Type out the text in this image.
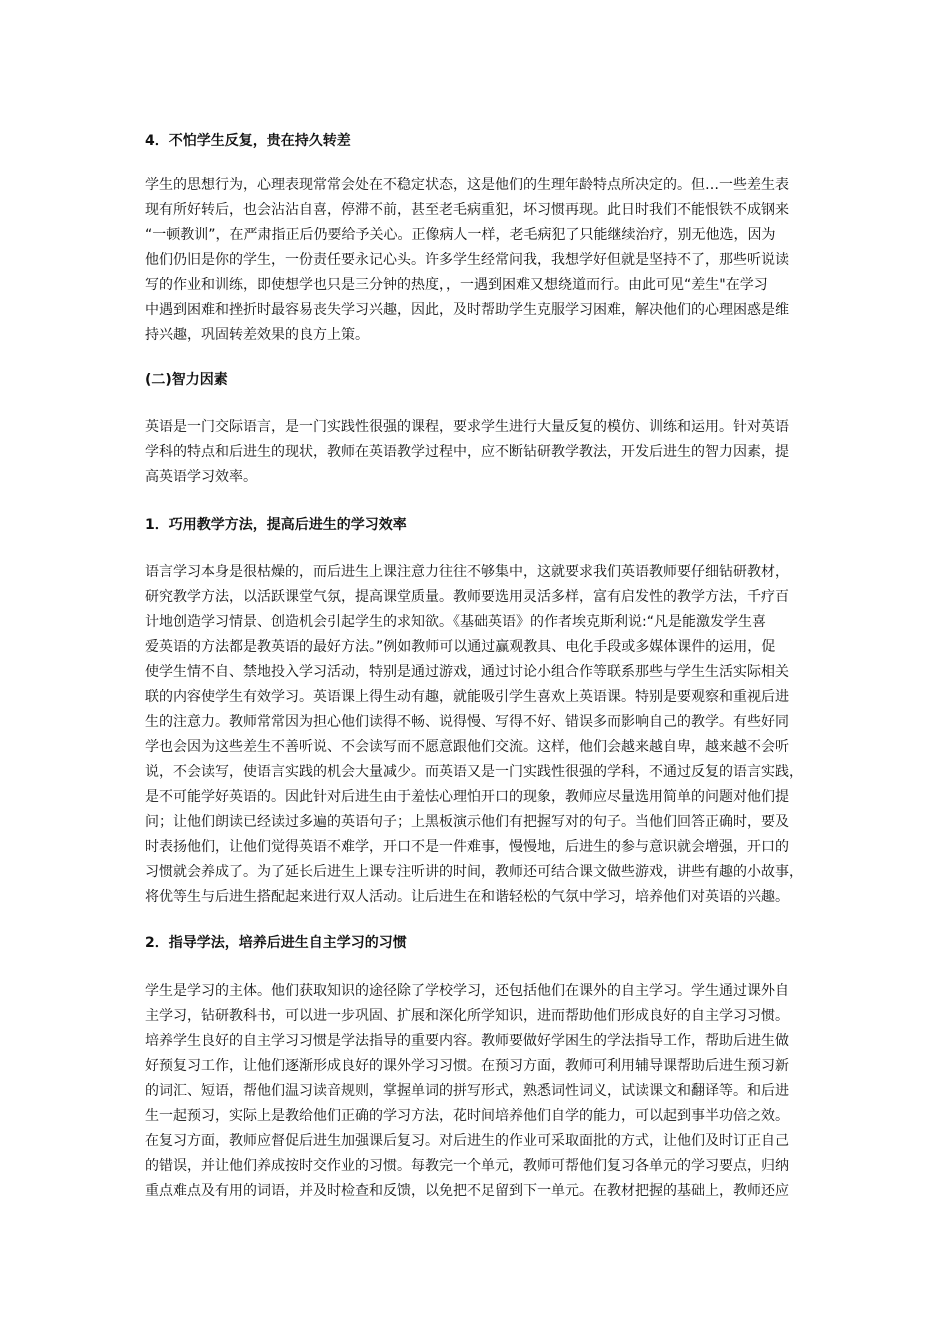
4．不怕学生反复，贵在持久转差
学生的思想行为，心理表现常常会处在不稳定状态，这是他们的生理年龄特点所决定的。但…一些差生表
现有所好转后，也会沾沾自喜，停滞不前，甚至老毛病重犯，坏习惯再现。此日时我们不能恨铁不成钢来
“一顿教训”，在严肃指正后仍要给予关心。正像病人一样，老毛病犯了只能继续治疗，别无他选，因为
他们仍旧是你的学生，一份责任要永记心头。许多学生经常问我，我想学好但就是坚持不了，那些听说读
写的作业和训练，即使想学也只是三分钟的热度，，一遇到困难又想绕道而行。由此可见“差生"在学习
中遇到困难和挫折时最容易丧失学习兴趣，因此，及时帮助学生克服学习困难，解决他们的心理困惑是维
持兴趣，巩固转差效果的良方上策。
(二)智力因素
英语是一门交际语言，是一门实践性很强的课程，要求学生进行大量反复的模仿、训练和运用。针对英语
学科的特点和后进生的现状，教师在英语教学过程中，应不断钻研教学教法，开发后进生的智力因素，提
高英语学习效率。
1．巧用教学方法，提高后进生的学习效率
语言学习本身是很枯燥的，而后进生上课注意力往往不够集中，这就要求我们英语教师要仔细钻研教材，
研究教学方法，以活跃课堂气氛，提高课堂质量。教师要选用灵活多样，富有启发性的教学方法，千疗百
计地创造学习情景、创造机会引起学生的求知欲。《基础英语》的作者埃克斯利说:“凡是能激发学生喜
爱英语的方法都是教英语的最好方法。”例如教师可以通过赢观教具、电化手段或多媒体课件的运用，促
使学生情不自、禁地投入学习活动，特别是通过游戏，通过讨论小组合作等联系那些与学生生活实际相关
联的内容使学生有效学习。英语课上得生动有趣，就能吸引学生喜欢上英语课。特别是要观察和重视后进
生的注意力。教师常常因为担心他们读得不畅、说得慢、写得不好、错误多而影响自己的教学。有些好同
学也会因为这些差生不善听说、不会读写而不愿意跟他们交流。这样，他们会越来越自卑，越来越不会听
说，不会读写，使语言实践的机会大量减少。而英语又是一门实践性很强的学科，不通过反复的语言实践，
是不可能学好英语的。因此针对后进生由于羞怯心理怕开口的现象，教师应尽量选用简单的问题对他们提
问；让他们朗读已经读过多遍的英语句子；上黑板演示他们有把握写对的句子。当他们回答正确时，要及
时表扬他们，让他们觉得英语不难学，开口不是一件难事，慢慢地，后进生的参与意识就会增强，开口的
习惯就会养成了。为了延长后进生上课专注听讲的时间，教师还可结合课文做些游戏，讲些有趣的小故事，
将优等生与后进生搭配起来进行双人活动。让后进生在和谐轻松的气氛中学习，培养他们对英语的兴趣。
2．指导学法，培养后进生自主学习的习惯
学生是学习的主体。他们获取知识的途径除了学校学习，还包括他们在课外的自主学习。学生通过课外自
主学习，钻研教科书，可以进一步巩固、扩展和深化所学知识，进而帮助他们形成良好的自主学习习惯。
培养学生良好的自主学习习惯是学法指导的重要内容。教师要做好学困生的学法指导工作，帮助后进生做
好预复习工作，让他们逐渐形成良好的课外学习习惯。在预习方面，教师可利用辅导课帮助后进生预习新
的词汇、短语，帮他们温习读音规则，掌握单词的拼写形式，熟悉词性词义，试读课文和翻译等。和后进
生一起预习，实际上是教给他们正确的学习方法，花时间培养他们自学的能力，可以起到事半功倍之效。
在复习方面，教师应督促后进生加强课后复习。对后进生的作业可采取面批的方式，让他们及时订正自己
的错误，并让他们养成按时交作业的习惯。每教完一个单元，教师可帮他们复习各单元的学习要点，归纳
重点难点及有用的词语，并及时检查和反馈，以免把不足留到下一单元。在教材把握的基础上，教师还应
